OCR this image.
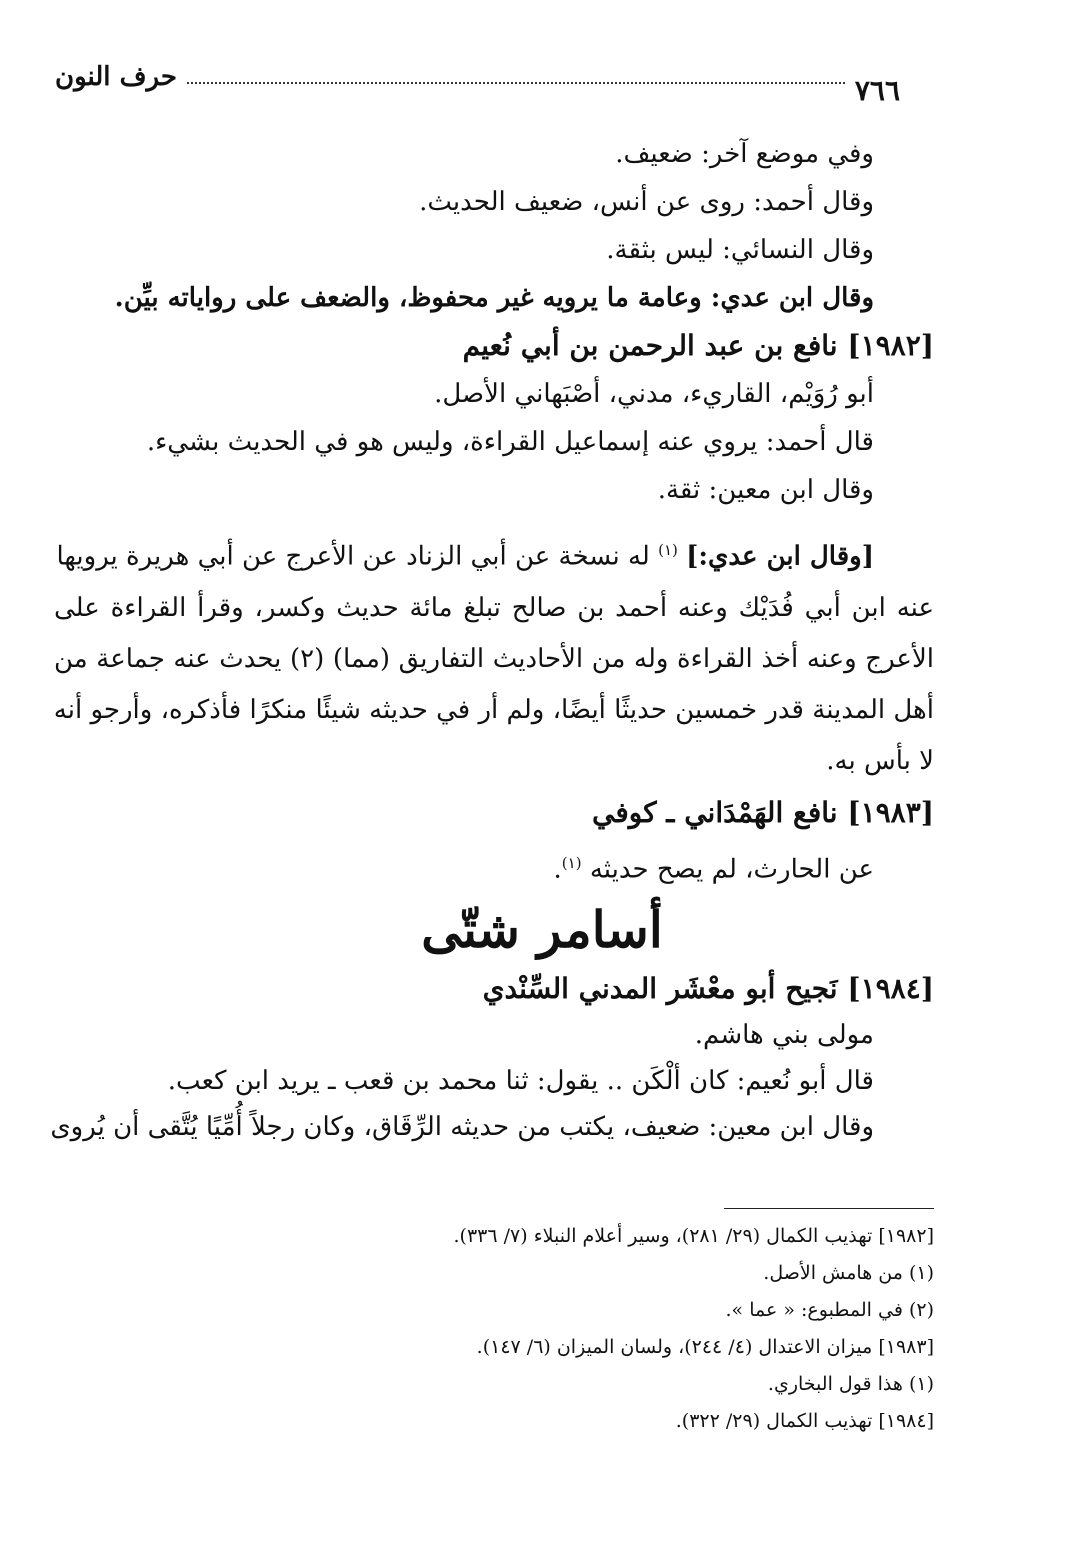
٧٦٦
حرف النون
وفي موضع آخر: ضعيف.
وقال أحمد: روى عن أنس، ضعيف الحديث.
وقال النسائي: ليس بثقة.
وقال ابن عدي: وعامة ما يرويه غير محفوظ، والضعف على رواياته بيِّن.
[١٩٨٢] نافع بن عبد الرحمن بن أبي نُعيم
أبو رُوَيْم، القاريء، مدني، أصْبَهاني الأصل.
قال أحمد: يروي عنه إسماعيل القراءة، وليس هو في الحديث بشيء.
وقال ابن معين: ثقة.
[وقال ابن عدي:] $^{(١)}$ له نسخة عن أبي الزناد عن الأعرج عن أبي هريرة يرويها
عنه ابن أبي فُدَيْك وعنه أحمد بن صالح تبلغ مائة حديث وكسر، وقرأ القراءة على
الأعرج وعنه أخذ القراءة وله من الأحاديث التفاريق (مما) (٢) يحدث عنه جماعة من
أهل المدينة قدر خمسين حديثًا أيضًا، ولم أر في حديثه شيئًا منكرًا فأذكره، وأرجو أنه
لا بأس به.
[١٩٨٣] نافع الهَمْدَاني ـ كوفي
عن الحارث، لم يصح حديثه $^{(١)}$.
أسامر شتّى
[١٩٨٤] نَجيح أبو معْشَر المدني السِّنْدي
مولى بني هاشم.
قال أبو نُعيم: كان ألْكَن .. يقول: ثنا محمد بن قعب ـ يريد ابن كعب.
وقال ابن معين: ضعيف، يكتب من حديثه الرِّقَاق، وكان رجلاً أُمِّيًا يُتَّقى أن يُروى
[١٩٨٢] تهذيب الكمال (٢٩/ ٢٨١)، وسير أعلام النبلاء (٧/ ٣٣٦).
(١) من هامش الأصل.
(٢) في المطبوع: « عما ».
[١٩٨٣] ميزان الاعتدال (٤/ ٢٤٤)، ولسان الميزان (٦/ ١٤٧).
(١) هذا قول البخاري.
[١٩٨٤] تهذيب الكمال (٢٩/ ٣٢٢).
